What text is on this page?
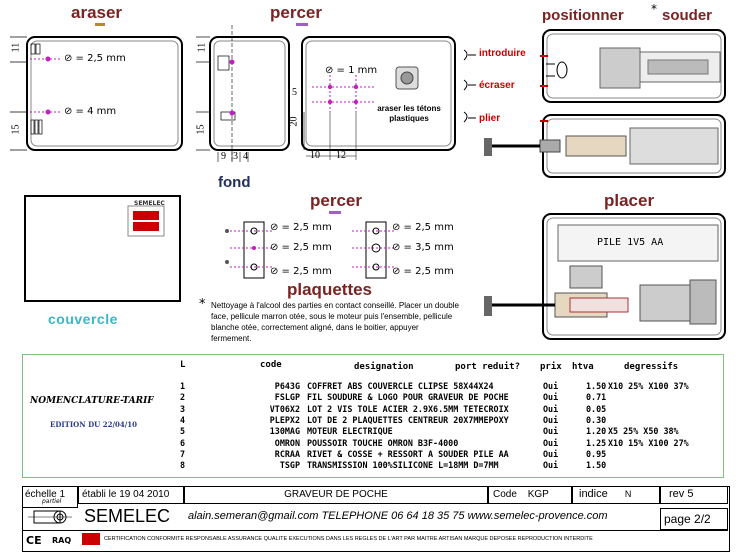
araser	percer	positionner * souder
fond
percer
plaquettes
placer
couvercle
11
15
⊘ = 2,5 mm
⊘ = 4 mm
11
15
9 3 4
⊘ = 1 mm
5
20
10 12
araser les tétons plastiques
introduire
écraser
plier
PILE 1V5 AA
⊘ = 2,5 mm
⊘ = 2,5 mm
⊘ = 2,5 mm
⊘ = 2,5 mm
⊘ = 3,5 mm
⊘ = 2,5 mm
SEMELEC
* Nettoyage à l'alcool des parties en contact conseillé. Placer un double face, pellicule marron otée, sous le moteur puis l'ensemble, pellicule blanche otée, correctement aligné, dans le boitier, appuyer fermement.
NOMENCLATURE-TARIF
EDITION DU 22/04/10
L	code	designation	port reduit? prix htva	degressifs
1	P643G COFFRET ABS COUVERCLE CLIPSE 58X44X24	Oui	1.50 X10 25% X100 37%
2	FSLGP FIL SOUDURE & LOGO POUR GRAVEUR DE POCHE	Oui	0.71
3	VT06X2 LOT 2 VIS TOLE ACIER 2.9X6.5MM TETECROIX	Oui	0.05
4	PLEPX2 LOT DE 2 PLAQUETTES CENTREUR 20X7MMEPOXY	Oui	0.30
5	130MAG MOTEUR ELECTRIQUE	Oui	1.20 X5 25% X50 38%
6	OMRON POUSSOIR TOUCHE OMRON B3F-4000	Oui	1.25 X10 15% X100 27%
7	RCRAA RIVET & COSSE + RESSORT A SOUDER PILE AA	Oui	0.95
8	TSGP TRANSMISSION 100%SILICONE L=18MM D=7MM	Oui	1.50
échelle 1
partiel
établi le 19 04 2010	GRAVEUR DE POCHE	Code KGP	indice N	rev 5
SEMELEC alain.semeran@gmail.com TELEPHONE 06 64 18 35 75 www.semelec-provence.com	page 2/2
CE RAQ	CERTIFICATION CONFORMITE RESPONSABLE ASSURANCE QUALITE EXECUTIONS DANS LES REGLES DE L'ART PAR MAITRE ARTISAN MARQUE DEPOSEE REPRODUCTION INTERDITE
